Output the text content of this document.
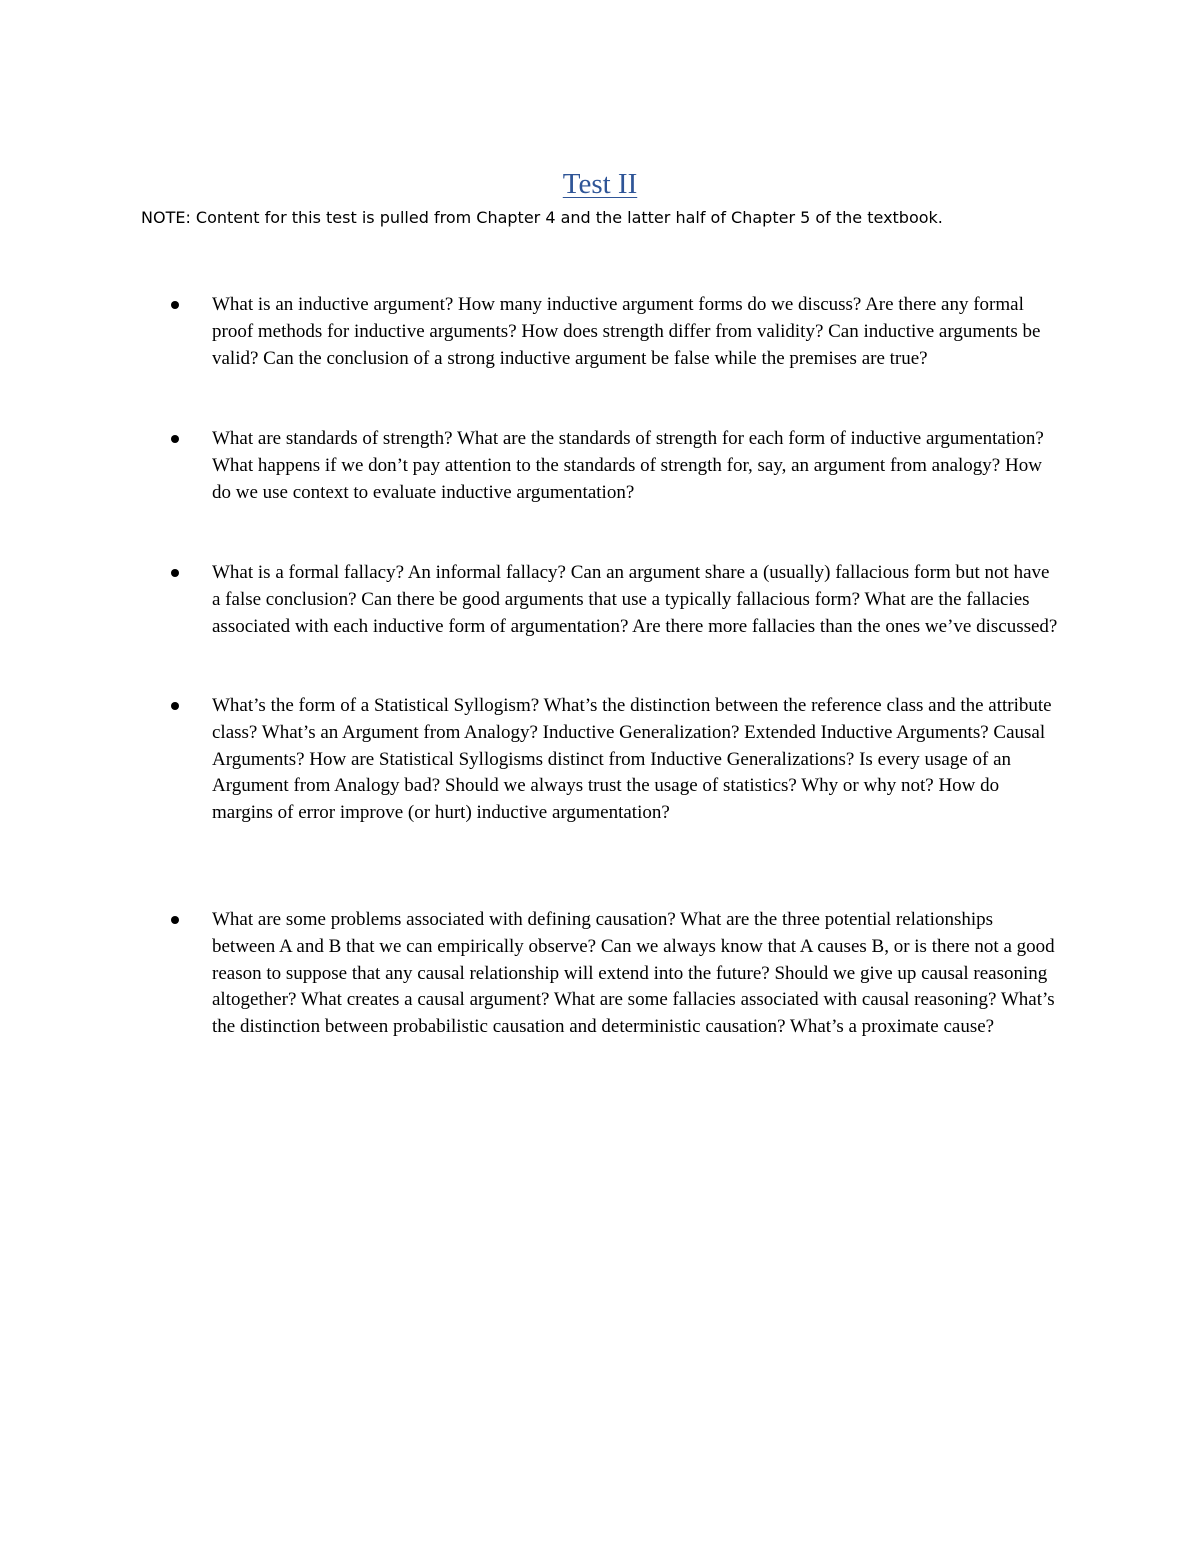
Test II
NOTE: Content for this test is pulled from Chapter 4 and the latter half of Chapter 5 of the textbook.

What is an inductive argument? How many inductive argument forms do we discuss? Are there any formal proof methods for inductive arguments? How does strength differ from validity? Can inductive arguments be valid? Can the conclusion of a strong inductive argument be false while the premises are true?

What are standards of strength? What are the standards of strength for each form of inductive argumentation? What happens if we don’t pay attention to the standards of strength for, say, an argument from analogy? How do we use context to evaluate inductive argumentation?

What is a formal fallacy? An informal fallacy? Can an argument share a (usually) fallacious form but not have a false conclusion? Can there be good arguments that use a typically fallacious form? What are the fallacies associated with each inductive form of argumentation? Are there more fallacies than the ones we’ve discussed?

What’s the form of a Statistical Syllogism? What’s the distinction between the reference class and the attribute class? What’s an Argument from Analogy? Inductive Generalization? Extended Inductive Arguments? Causal Arguments? How are Statistical Syllogisms distinct from Inductive Generalizations? Is every usage of an Argument from Analogy bad? Should we always trust the usage of statistics? Why or why not? How do margins of error improve (or hurt) inductive argumentation?

What are some problems associated with defining causation? What are the three potential relationships between A and B that we can empirically observe? Can we always know that A causes B, or is there not a good reason to suppose that any causal relationship will extend into the future? Should we give up causal reasoning altogether? What creates a causal argument? What are some fallacies associated with causal reasoning? What’s the distinction between probabilistic causation and deterministic causation? What’s a proximate cause?
